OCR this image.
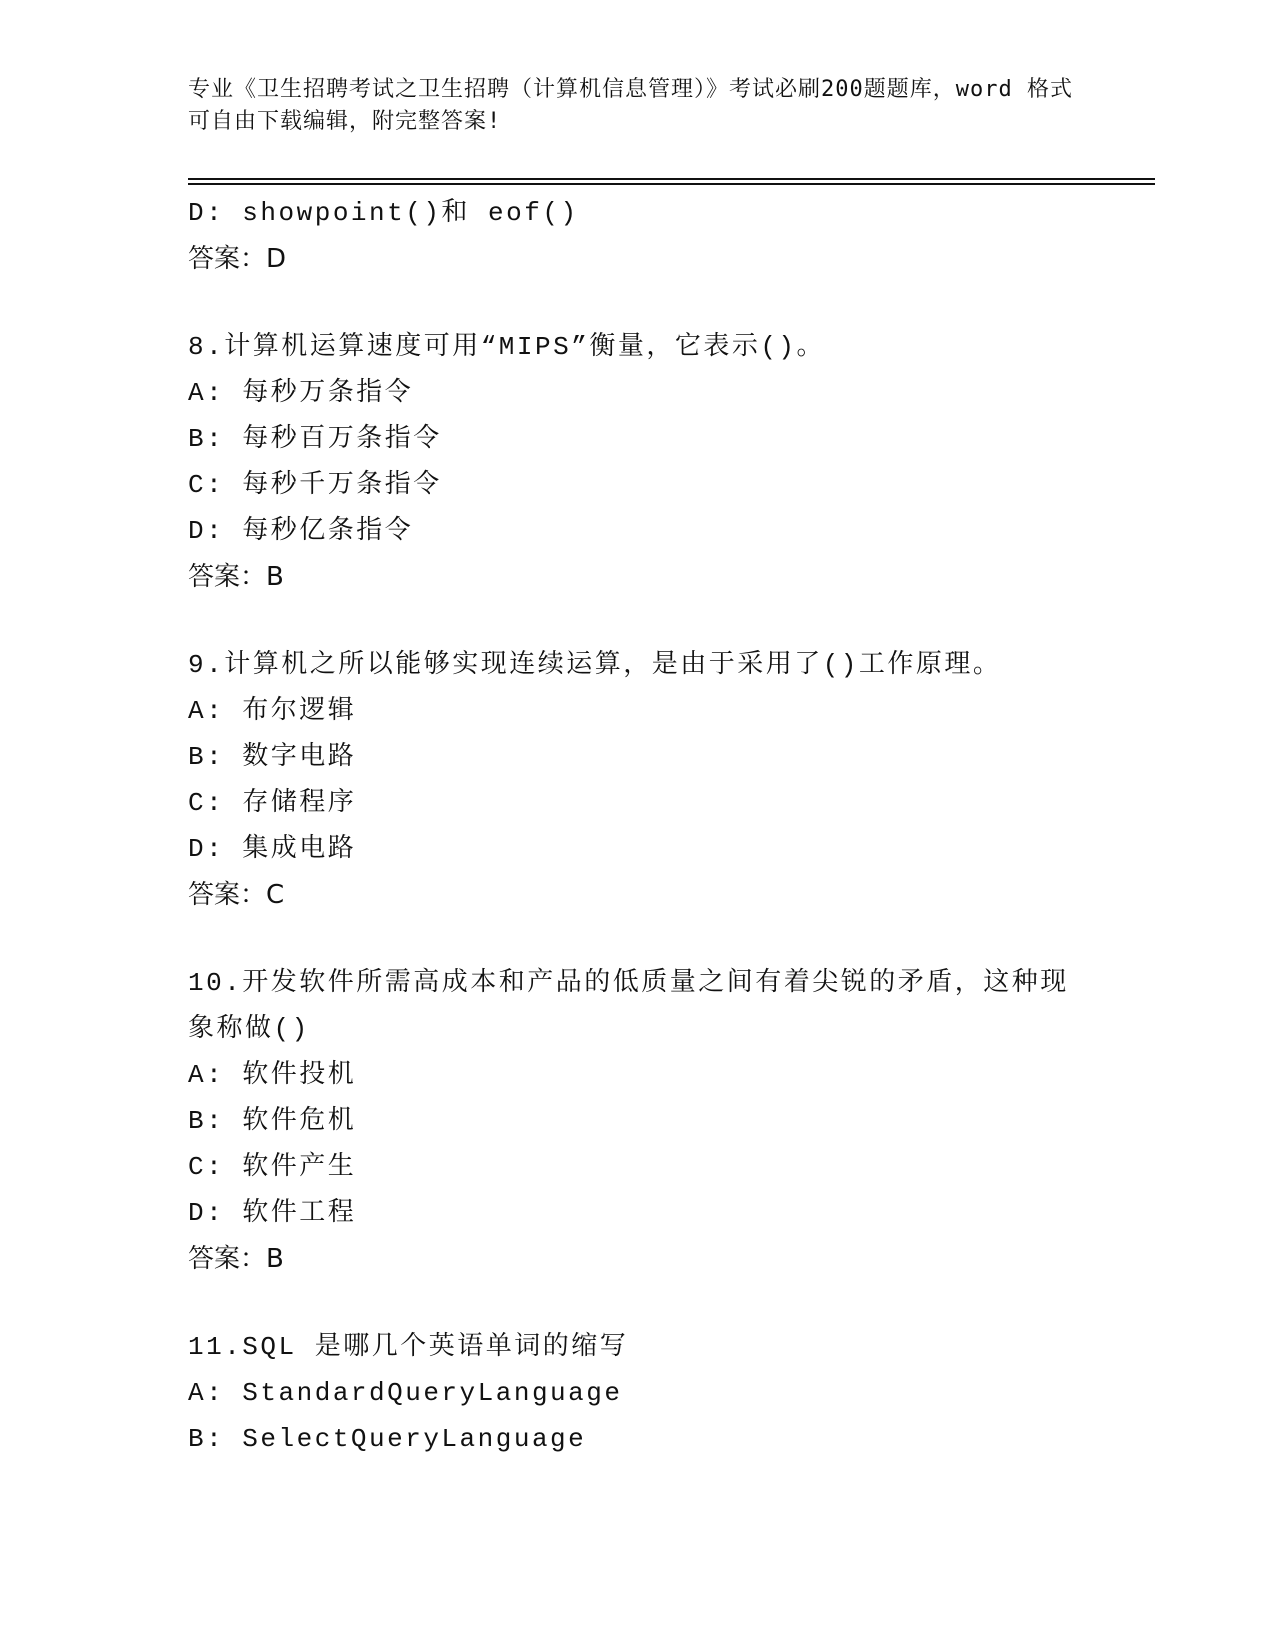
专业《卫生招聘考试之卫生招聘（计算机信息管理）》考试必刷200题题库，word 格式可自由下载编辑，附完整答案!
D: showpoint()和 eof()
答案：D
8.计算机运算速度可用“MIPS”衡量，它表示()。
A: 每秒万条指令
B: 每秒百万条指令
C: 每秒千万条指令
D: 每秒亿条指令
答案：B
9.计算机之所以能够实现连续运算，是由于采用了()工作原理。
A: 布尔逻辑
B: 数字电路
C: 存储程序
D: 集成电路
答案：C
10.开发软件所需高成本和产品的低质量之间有着尖锐的矛盾，这种现
象称做()
A: 软件投机
B: 软件危机
C: 软件产生
D: 软件工程
答案：B
11.SQL 是哪几个英语单词的缩写
A: StandardQueryLanguage
B: SelectQueryLanguage
